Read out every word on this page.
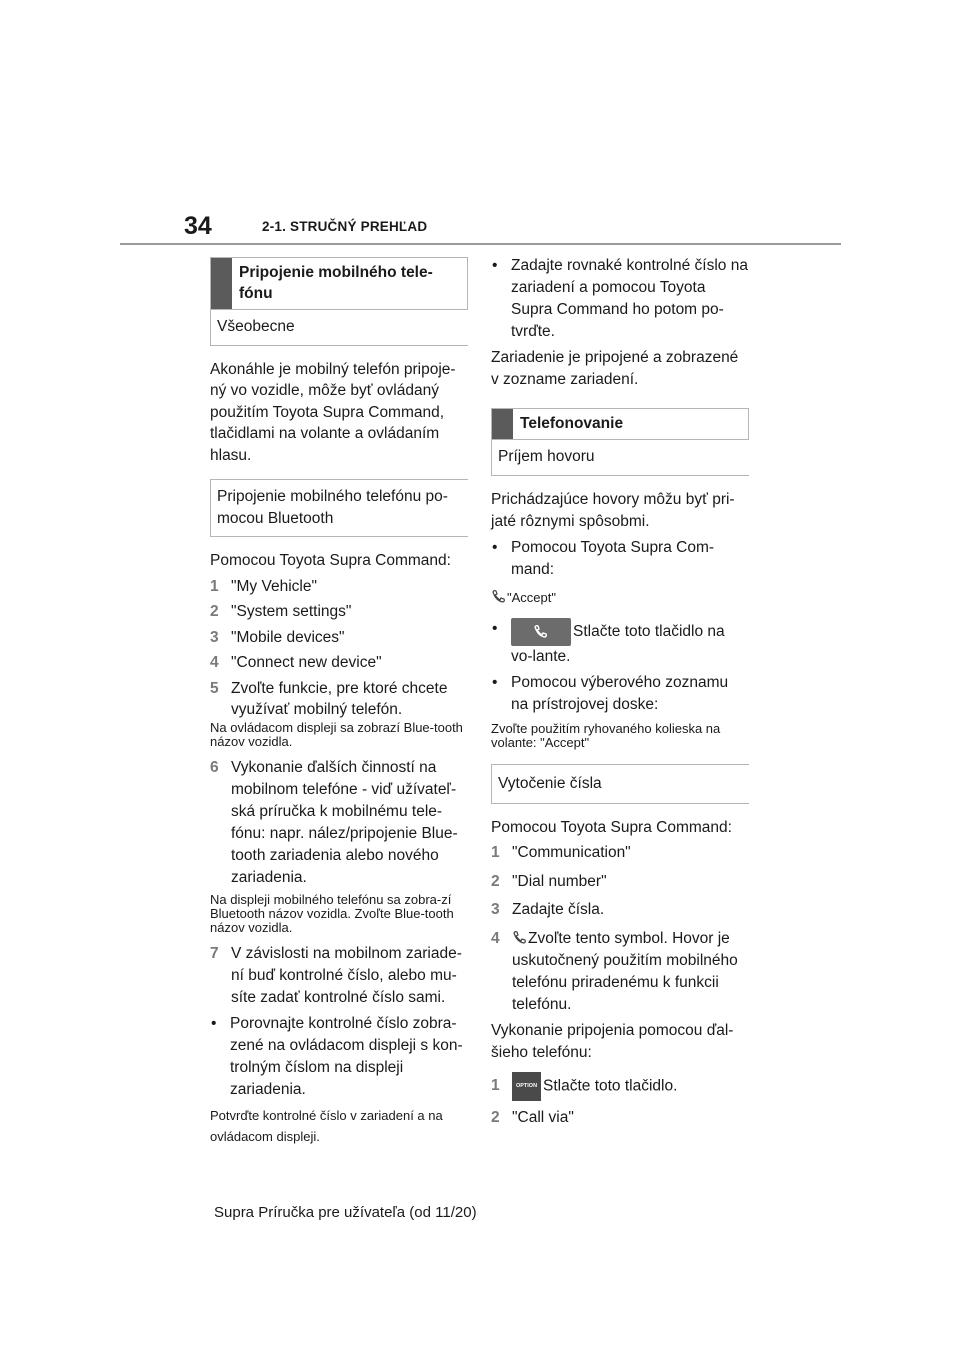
34	2-1. STRUČNÝ PREHĽAD
Pripojenie mobilného tele-fónu
Všeobecne

Akonáhle je mobilný telefón pripoje-ný vo vozidle, môže byť ovládaný použitím Toyota Supra Command, tlačidlami na volante a ovládaním hlasu.

Pripojenie mobilného telefónu po-mocou Bluetooth

Pomocou Toyota Supra Command:

1 "My Vehicle"
2 "System settings"
3 "Mobile devices"
4 "Connect new device"
5 Zvoľte funkcie, pre ktoré chcete využívať mobilný telefón.

Na ovládacom displeji sa zobrazí Blue-tooth názov vozidla.

6 Vykonanie ďalších činností na mobilnom telefóne - viď užívateľ-ská príručka k mobilnému tele-fónu: napr. nález/pripojenie Blue-tooth zariadenia alebo nového zariadenia.

Na displeji mobilného telefónu sa zobra-zí Bluetooth názov vozidla. Zvoľte Blue-tooth názov vozidla.

7 V závislosti na mobilnom zariade-ní buď kontrolné číslo, alebo mu-síte zadať kontrolné číslo sami.
• Porovnajte kontrolné číslo zobra-zené na ovládacom displeji s kon-trolným číslom na displeji zariadenia.

Potvrďte kontrolné číslo v zariadení a na ovládacom displeji.

• Zadajte rovnaké kontrolné číslo na zariadení a pomocou Toyota Supra Command ho potom po-tvrďte.

Zariadenie je pripojené a zobrazené v zozname zariadení.

Telefonovanie
Príjem hovoru

Prichádzajúce hovory môžu byť pri-jaté rôznymi spôsobmi.

• Pomocou Toyota Supra Com-mand:

"Accept"

•	Stlačte toto tlačidlo na vo-lante.
• Pomocou výberového zoznamu na prístrojovej doske:

Zvoľte použitím ryhovaného kolieska na volante: "Accept"

Vytočenie čísla

Pomocou Toyota Supra Command:

1 "Communication"
2 "Dial number"
3 Zadajte čísla.
4	Zvoľte tento symbol. Hovor je uskutočnený použitím mobilného telefónu priradenému k funkcii telefónu.

Vykonanie pripojenia pomocou ďal-šieho telefónu:

1	OPTION Stlačte toto tlačidlo.
2 "Call via"
Supra Príručka pre užívateľa (od 11/20)
